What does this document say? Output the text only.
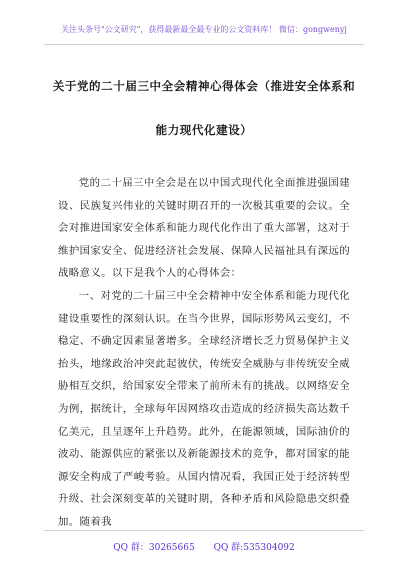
关注头条号"公文研究"，获得最新最全最专业的公文资料库！ 微信：gongwenyj
关于党的二十届三中全会精神心得体会（推进安全体系和
能力现代化建设）

党的二十届三中全会是在以中国式现代化全面推进强国建设、民族复兴伟业的关键时期召开的一次极其重要的会议。全会对推进国家安全体系和能力现代化作出了重大部署，这对于维护国家安全、促进经济社会发展、保障人民福祉具有深远的战略意义。以下是我个人的心得体会：

一、对党的二十届三中全会精神中安全体系和能力现代化建设重要性的深刻认识。在当今世界，国际形势风云变幻，不稳定、不确定因素显著增多。全球经济增长乏力贸易保护主义抬头，地缘政治冲突此起彼伏，传统安全威胁与非传统安全威胁相互交织，给国家安全带来了前所未有的挑战。以网络安全为例，据统计，全球每年因网络攻击造成的经济损失高达数千亿美元，且呈逐年上升趋势。此外，在能源领域，国际油价的波动、能源供应的紧张以及新能源技术的竞争，都对国家的能源安全构成了严峻考验。从国内情况看，我国正处于经济转型升级、社会深刻变革的关键时期，各种矛盾和风险隐患交织叠加。随着我

QQ 群：30265665 QQ 群:535304092
